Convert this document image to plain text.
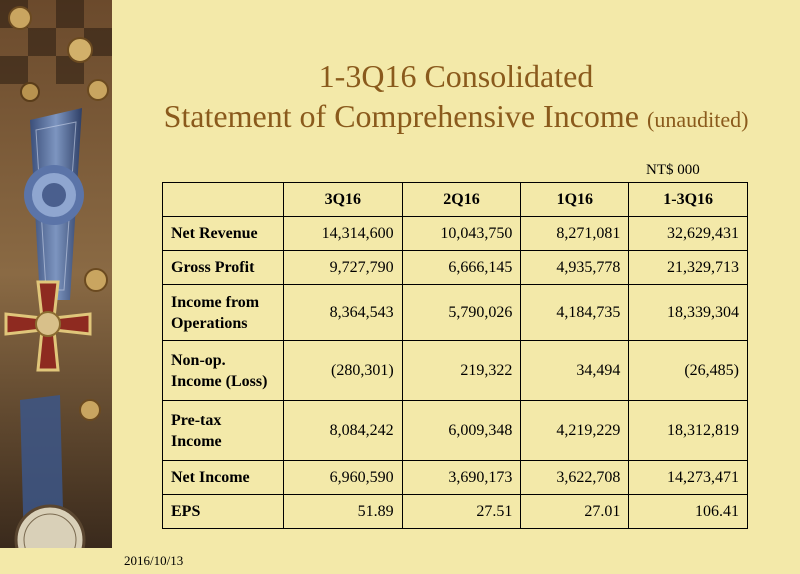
1-3Q16 Consolidated
Statement of Comprehensive Income (unaudited)
NT$ 000
	3Q16	2Q16	1Q16	1-3Q16
Net Revenue	14,314,600	10,043,750	8,271,081	32,629,431
Gross Profit	9,727,790	6,666,145	4,935,778	21,329,713

Income from
Operations	8,364,543	5,790,026	4,184,735	18,339,304

Non-op.
Income (Loss)	(280,301)	219,322	34,494	(26,485)

Pre-tax
Income	8,084,242	6,009,348	4,219,229	18,312,819
Net Income	6,960,590	3,690,173	3,622,708	14,273,471
EPS	51.89	27.51	27.01	106.41
2016/10/13
